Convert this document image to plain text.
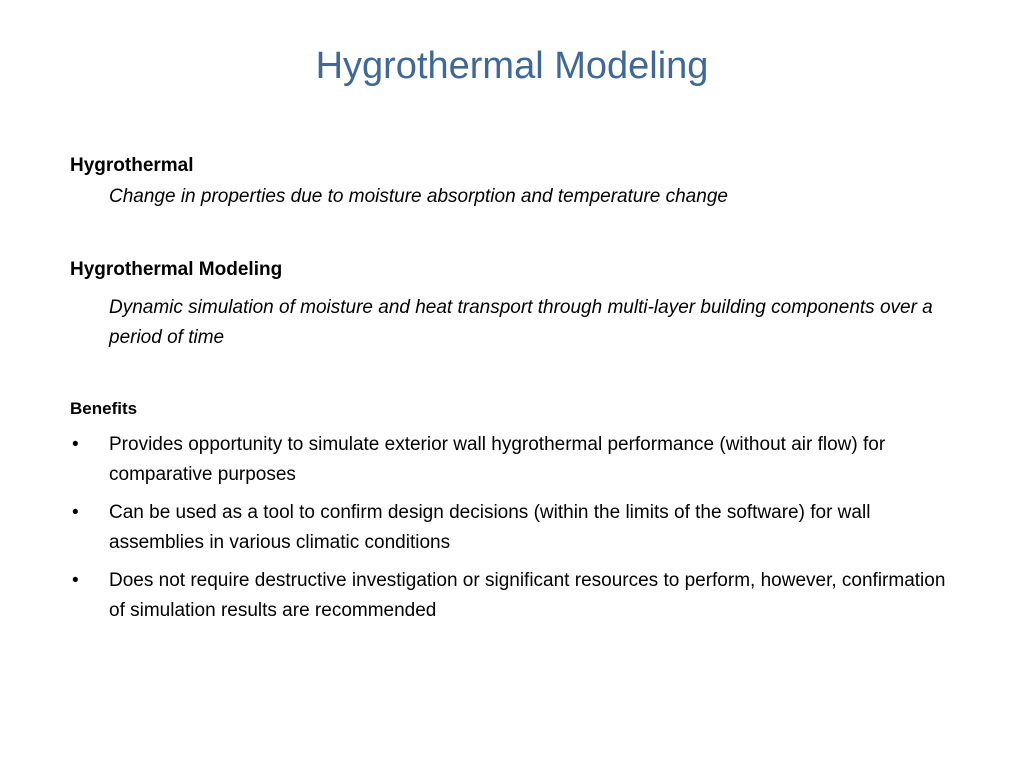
Hygrothermal Modeling
Hygrothermal
Change in properties due to moisture absorption and temperature change
Hygrothermal Modeling
Dynamic simulation of moisture and heat transport through multi-layer building components over a period of time
Benefits
• Provides opportunity to simulate exterior wall hygrothermal performance (without air flow) for comparative purposes
• Can be used as a tool to confirm design decisions (within the limits of the software) for wall assemblies in various climatic conditions
• Does not require destructive investigation or significant resources to perform, however, confirmation of simulation results are recommended
